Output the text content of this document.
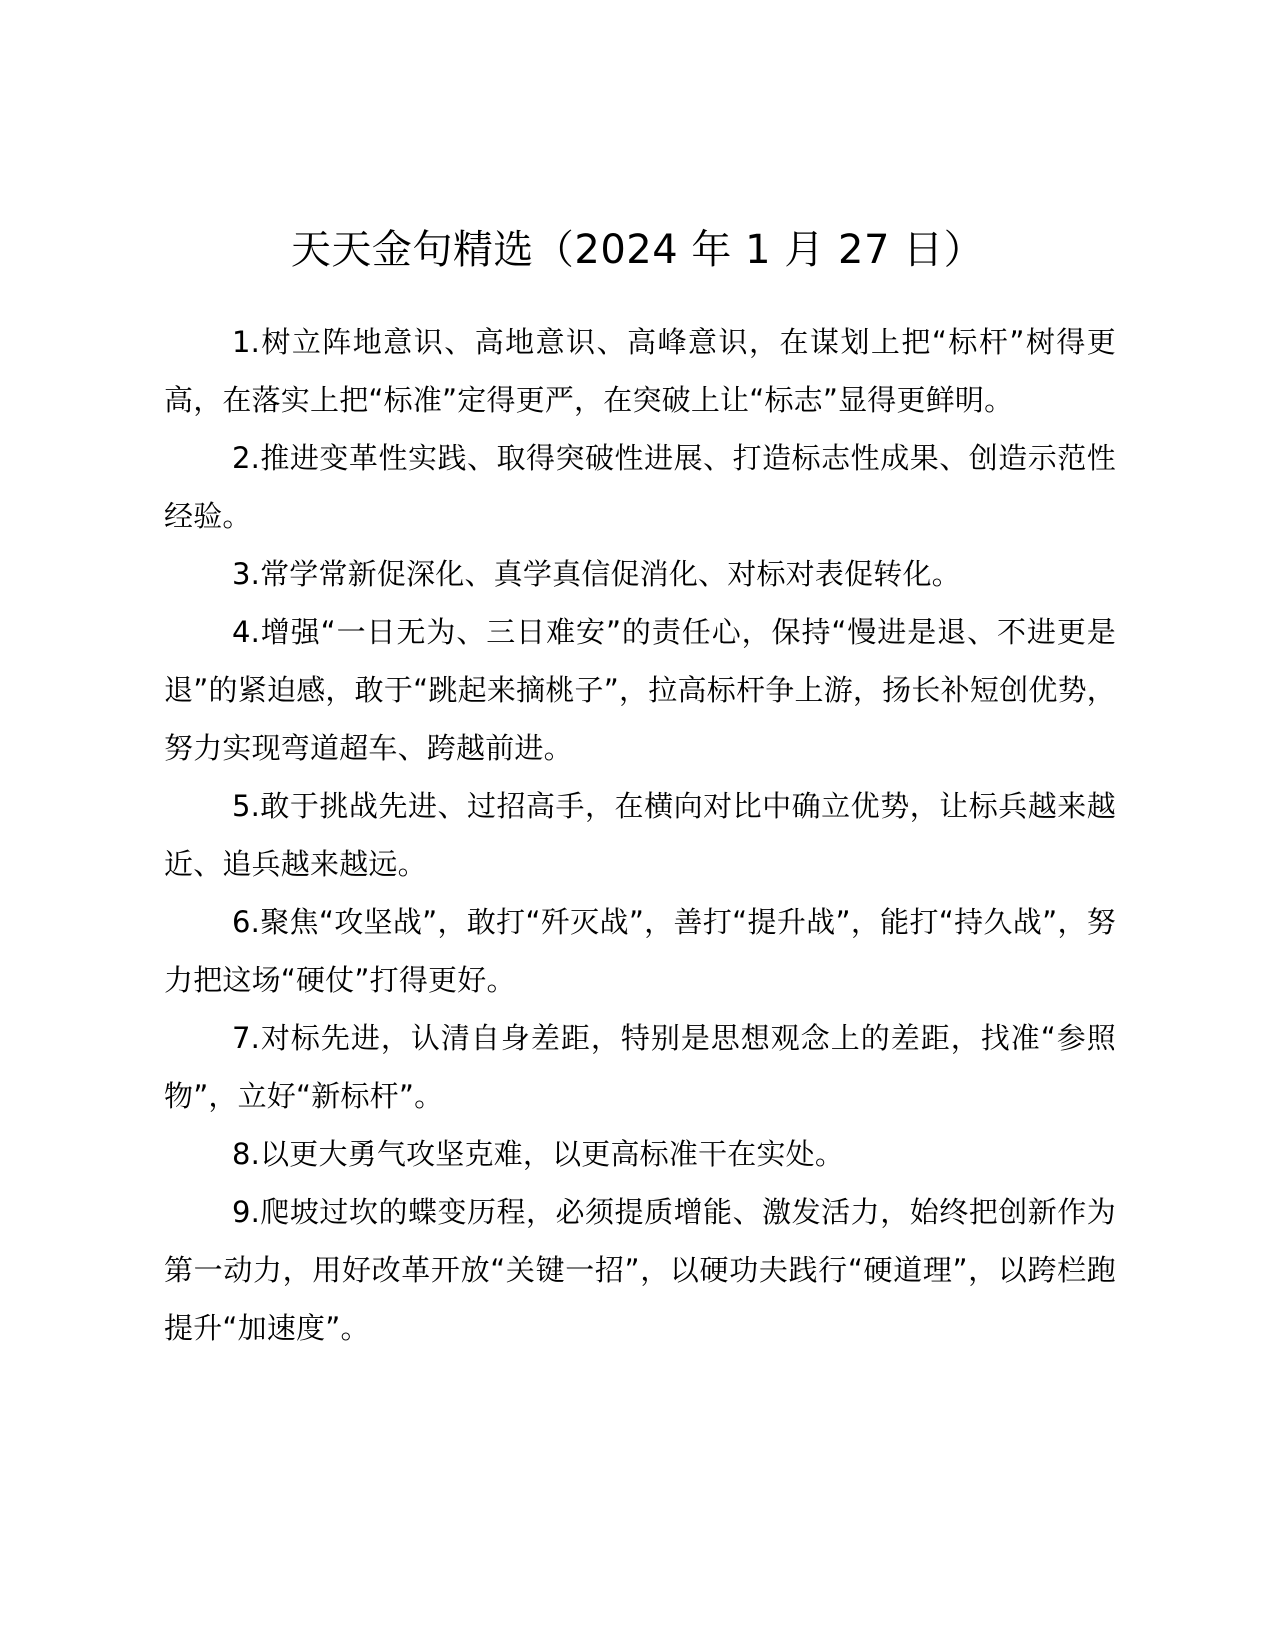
天天金句精选（2024 年 1 月 27 日）

1.树立阵地意识、高地意识、高峰意识，在谋划上把“标杆”树得更高，在落实上把“标准”定得更严，在突破上让“标志”显得更鲜明。

2.推进变革性实践、取得突破性进展、打造标志性成果、创造示范性经验。

3.常学常新促深化、真学真信促消化、对标对表促转化。

4.增强“一日无为、三日难安”的责任心，保持“慢进是退、不进更是退”的紧迫感，敢于“跳起来摘桃子”，拉高标杆争上游，扬长补短创优势，努力实现弯道超车、跨越前进。

5.敢于挑战先进、过招高手，在横向对比中确立优势，让标兵越来越近、追兵越来越远。

6.聚焦“攻坚战”，敢打“歼灭战”，善打“提升战”，能打“持久战”，努力把这场“硬仗”打得更好。

7.对标先进，认清自身差距，特别是思想观念上的差距，找准“参照物”，立好“新标杆”。

8.以更大勇气攻坚克难，以更高标准干在实处。

9.爬坡过坎的蝶变历程，必须提质增能、激发活力，始终把创新作为第一动力，用好改革开放“关键一招”，以硬功夫践行“硬道理”，以跨栏跑提升“加速度”。
